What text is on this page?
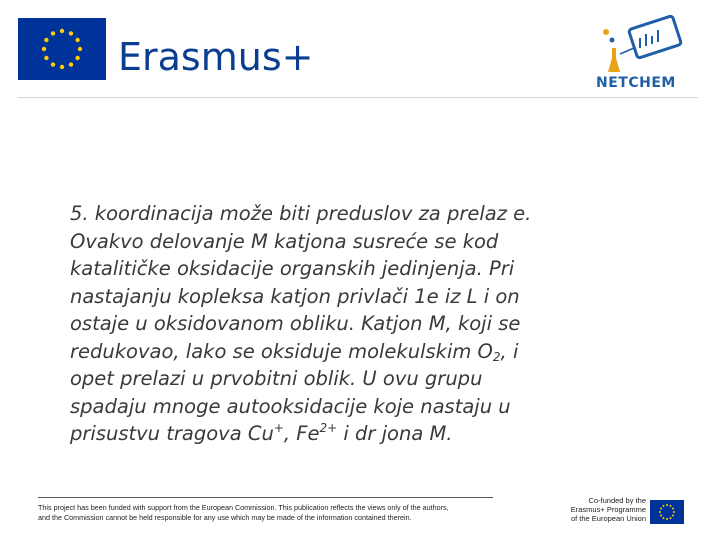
Erasmus+
NETCHEM
5. koordinacija može biti preduslov za prelaz e.
Ovakvo delovanje M katjona susreće se kod
katalitičke oksidacije organskih jedinjenja. Pri
nastajanju kopleksa katjon privlači 1e iz L i on
ostaje u oksidovanom obliku. Katjon M, koji se
redukovao, lako se oksiduje molekulskim $O_2$, i
opet prelazi u prvobitni oblik. U ovu grupu
spadaju mnoge autooksidacije koje nastaju u
prisustvu tragova Cu+, $Fe^{2+}$ i dr jona M.
This project has been funded with support from the European Commission. This publication reflects the views only of the authors,
and the Commission cannot be held responsible for any use which may be made of the information contained therein.
Co-funded by the
Erasmus+ Programme
of the European Union
